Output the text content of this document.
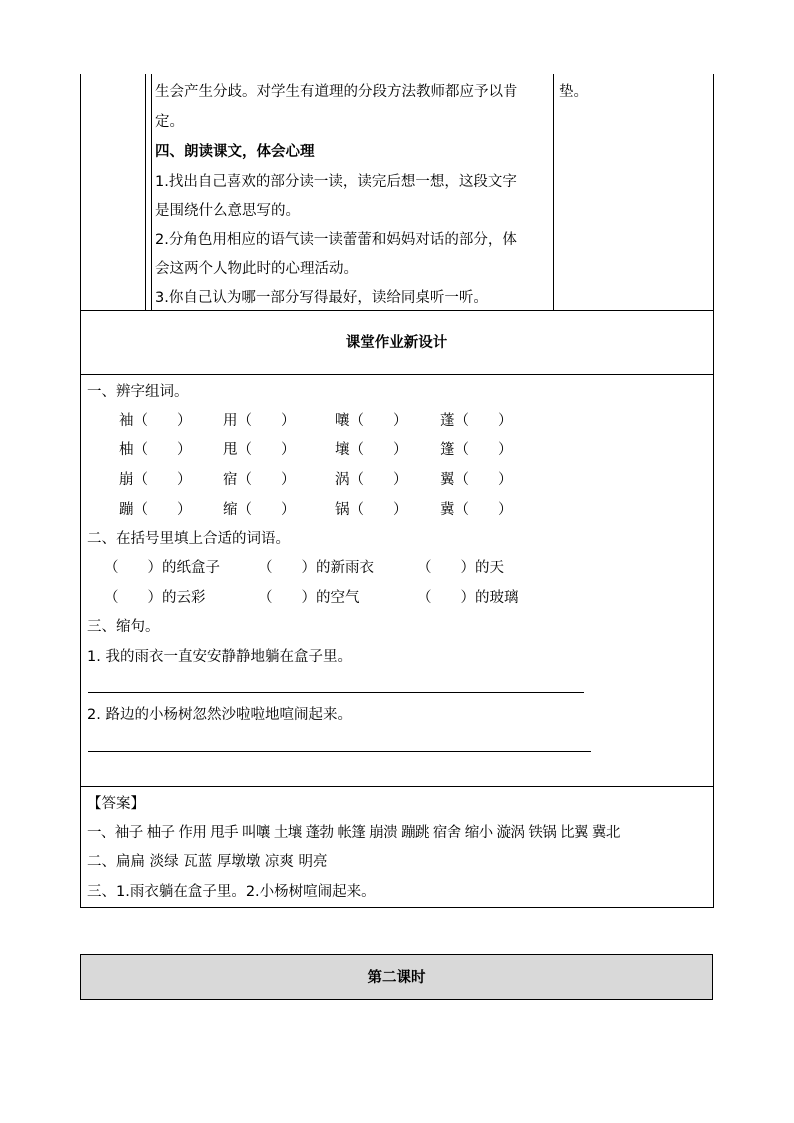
生会产生分歧。对学生有道理的分段方法教师都应予以肯
定。
四、朗读课文，体会心理
1.找出自己喜欢的部分读一读，读完后想一想，这段文字
是围绕什么意思写的。
2.分角色用相应的语气读一读蕾蕾和妈妈对话的部分，体
会这两个人物此时的心理活动。
3.你自己认为哪一部分写得最好，读给同桌听一听。
垫。
课堂作业新设计
一、辨字组词。
袖（　　） 用（　　）	嚷（　　） 蓬（　　）
柚（　　） 甩（　　）	壤（　　） 篷（　　）
崩（　　） 宿（　　）	涡（　　） 翼（　　）
蹦（　　） 缩（　　）	锅（　　） 冀（　　）
二、在括号里填上合适的词语。
（　　）的纸盒子	（　　）的新雨衣	（　　）的天
（　　）的云彩	（　　）的空气	（　　）的玻璃
三、缩句。
1. 我的雨衣一直安安静静地躺在盒子里。
2. 路边的小杨树忽然沙啦啦地喧闹起来。
【答案】
一、袖子 柚子 作用 甩手 叫嚷 土壤 蓬勃 帐篷 崩溃 蹦跳 宿舍 缩小 漩涡 铁锅 比翼 冀北
二、扁扁 淡绿 瓦蓝 厚墩墩 凉爽 明亮
三、1.雨衣躺在盒子里。2.小杨树喧闹起来。
第二课时
